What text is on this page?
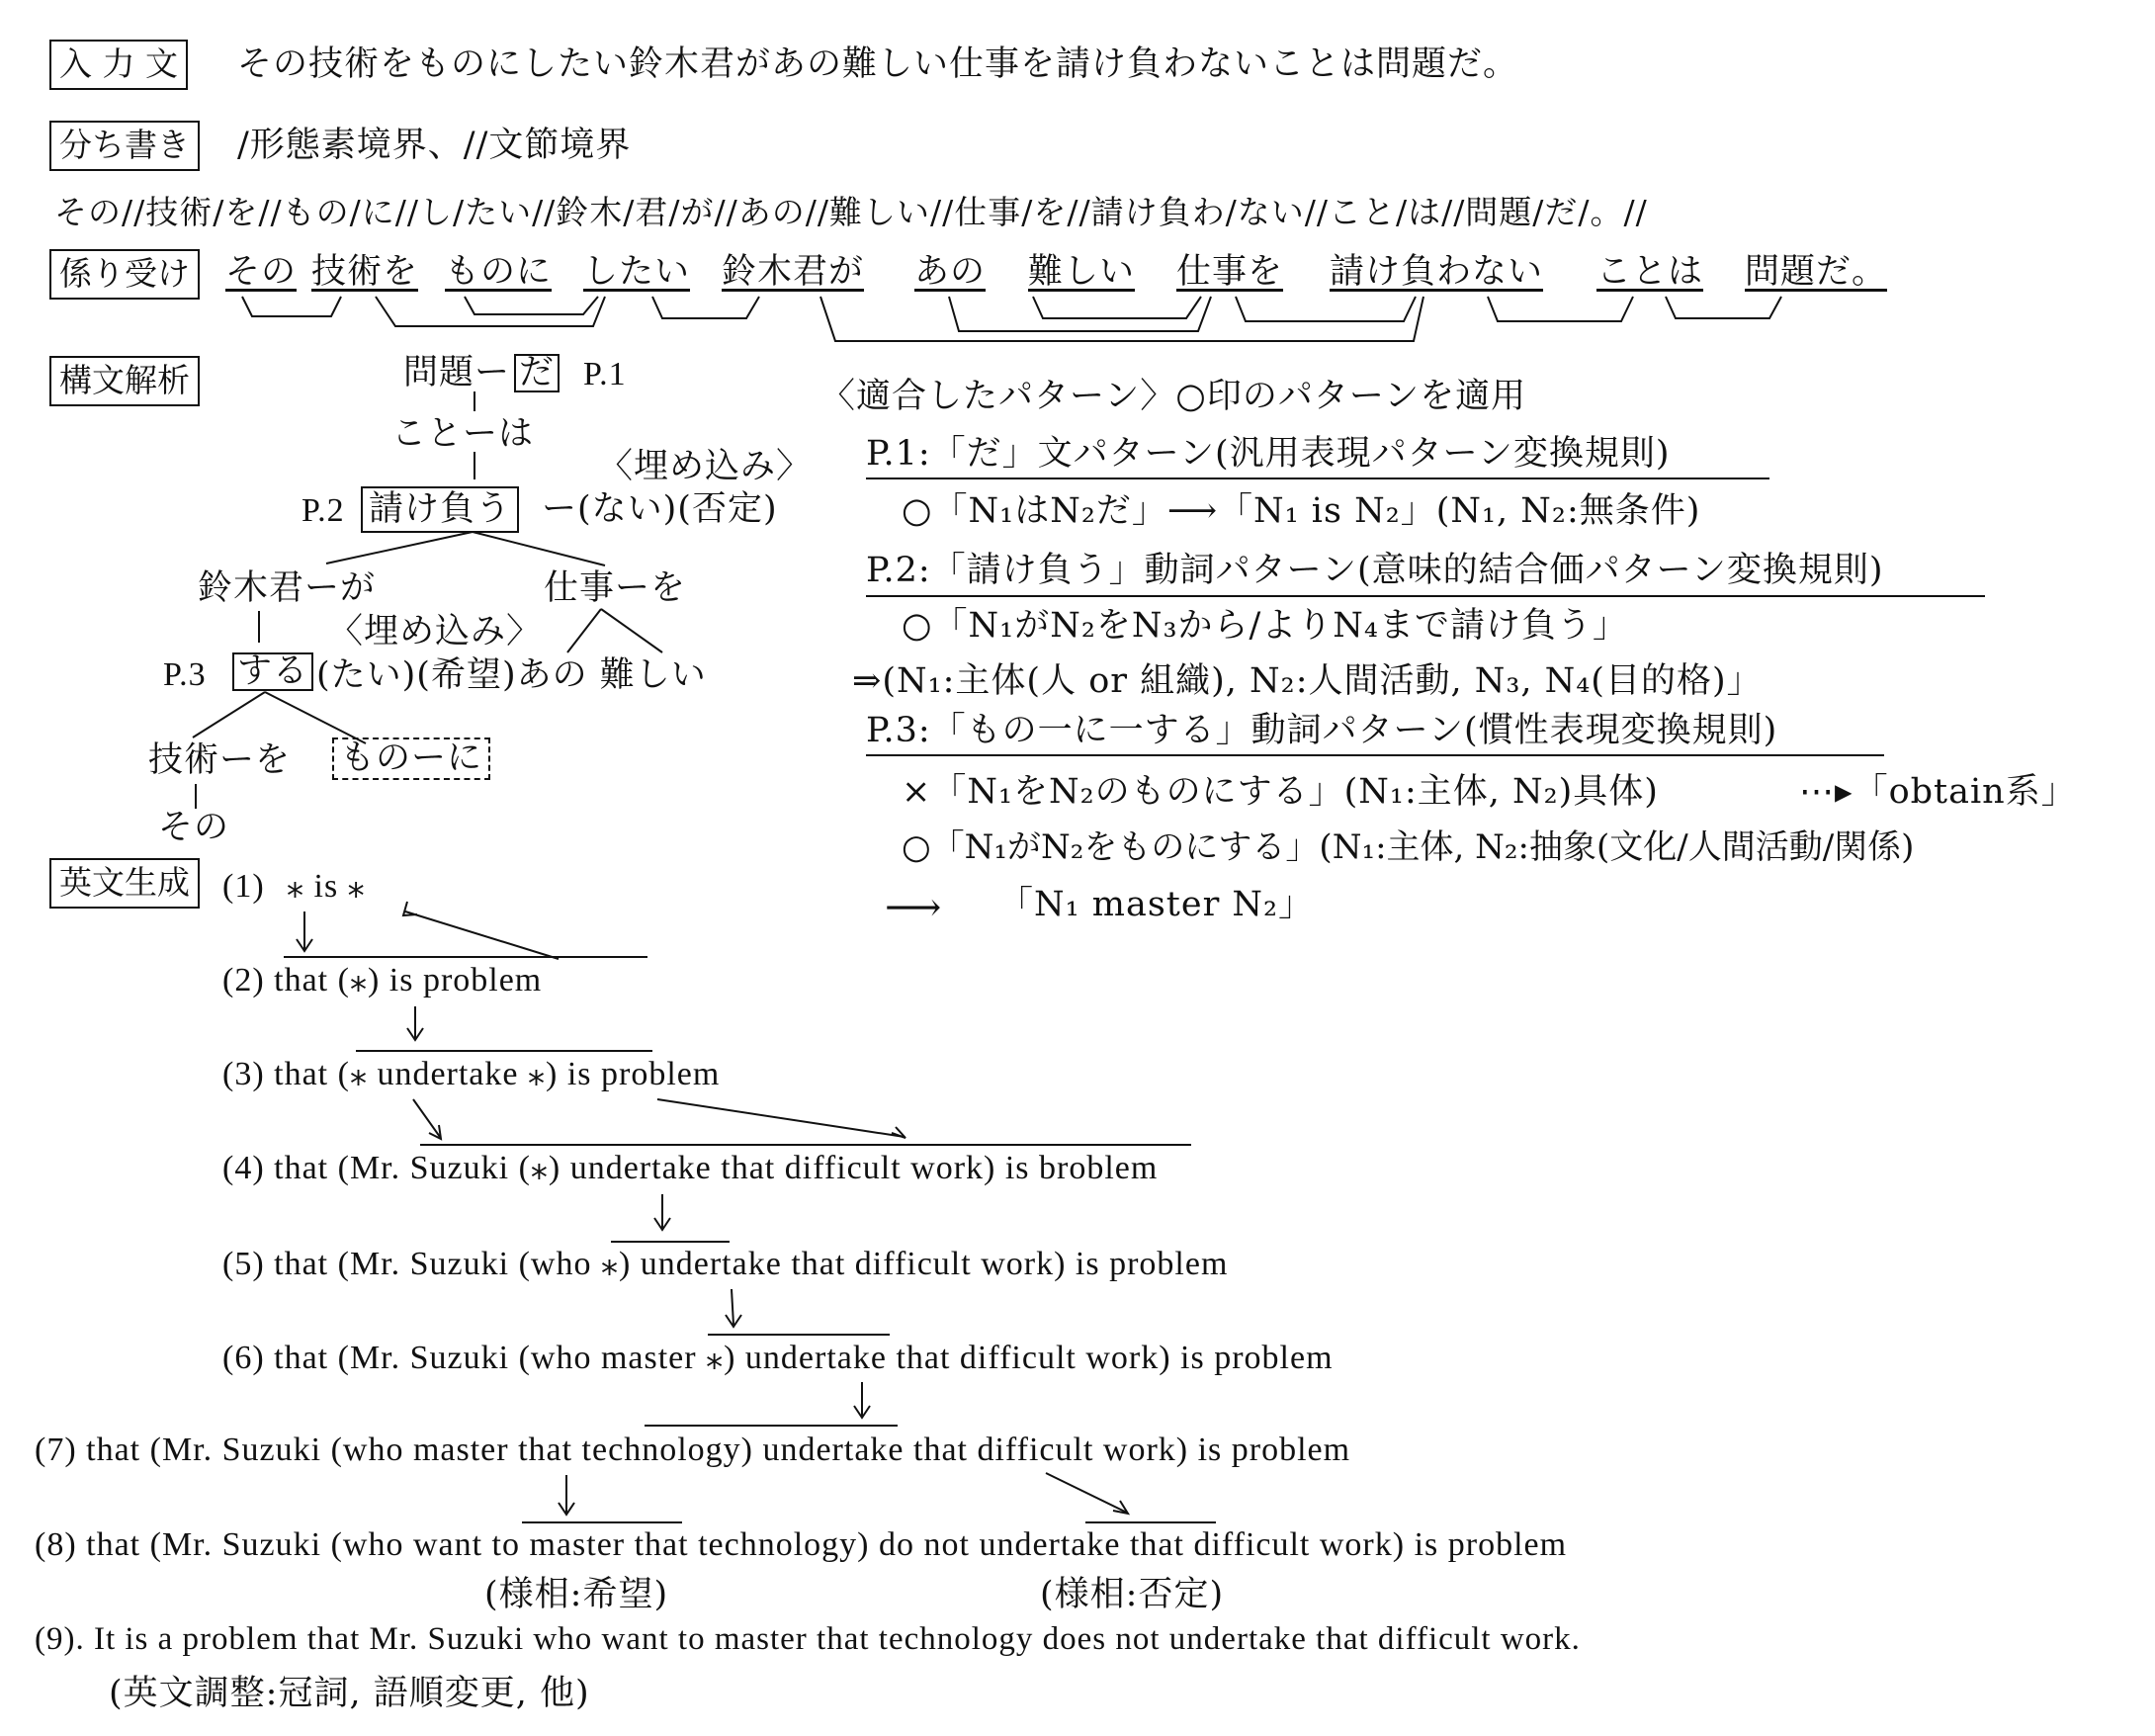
入 力 文 その技術をものにしたい鈴木君があの難しい仕事を請け負わないことは問題だ。
分ち書き /形態素境界、//文節境界
その//技術/を//もの/に//し/たい//鈴木/君/が//あの//難しい//仕事/を//請け負わ/ない//こと/は//問題/だ/。//
係り受け その 技術を ものに したい 鈴木君が あの 難しい 仕事を 請け負わない ことは 問題だ。
構文解析	問題ー だ P.1
ことーは
〈埋め込み〉
P.2 請け負う ー(ない)(否定)
鈴木君ーが	仕事ーを
〈埋め込み〉
P.3 する (たい)(希望)あの 難しい
技術ーを ものーに
その
〈適合したパターン〉○印のパターンを適用
P.1:「だ」文パターン(汎用表現パターン変換規則)
○「N₁はN₂だ」⟶「N₁ is N₂」(N₁, N₂:無条件)
P.2:「請け負う」動詞パターン(意味的結合価パターン変換規則)
○「N₁がN₂をN₃から/よりN₄まで請け負う」
⇒(N₁:主体(人 or 組織), N₂:人間活動, N₃, N₄(目的格)」
P.3:「もの一に一する」動詞パターン(慣性表現変換規則)
×「N₁をN₂のものにする」(N₁:主体, N₂)具体)	⋯▸「obtain系」
○「N₁がN₂をものにする」(N₁:主体, N₂:抽象(文化/人間活動/関係)
⟶ 「N₁ master N₂」
英文生成 (1) ⁎ is ⁎
(2) that (⁎) is problem
(3) that (⁎ undertake ⁎) is problem
(4) that (Mr. Suzuki (⁎) undertake that difficult work) is broblem
(5) that (Mr. Suzuki (who ⁎) undertake that difficult work) is problem
(6) that (Mr. Suzuki (who master ⁎) undertake that difficult work) is problem
(7) that (Mr. Suzuki (who master that technology) undertake that difficult work) is problem
(8) that (Mr. Suzuki (who want to master that technology) do not undertake that difficult work) is problem
(様相:希望)	(様相:否定)
(9). It is a problem that Mr. Suzuki who want to master that technology does not undertake that difficult work.
(英文調整:冠詞, 語順変更, 他)
